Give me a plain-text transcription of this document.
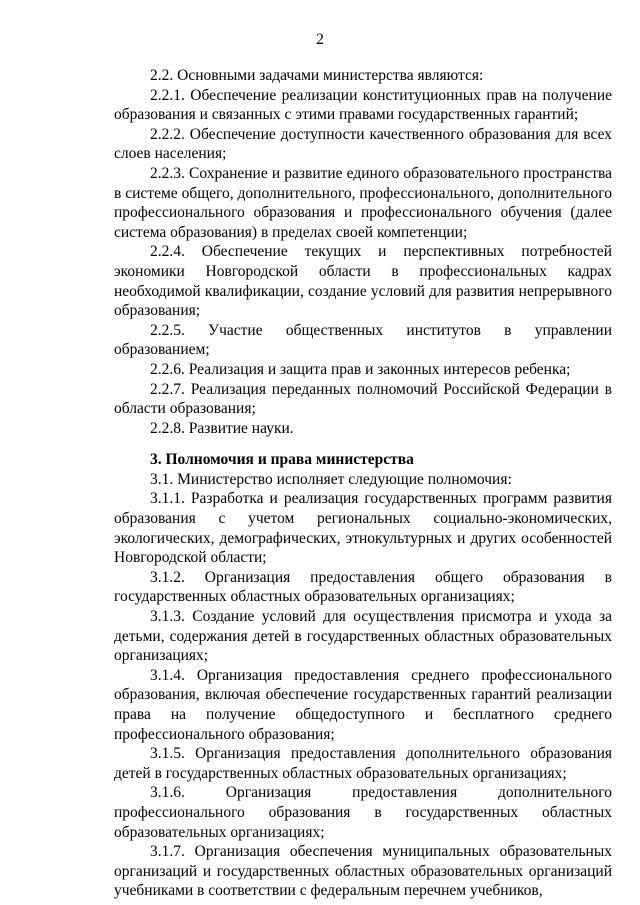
2

2.2. Основными задачами министерства являются:

2.2.1. Обеспечение реализации конституционных прав на получение образования и связанных с этими правами государственных гарантий;

2.2.2. Обеспечение доступности качественного образования для всех слоев населения;

2.2.3. Сохранение и развитие единого образовательного пространства в системе общего, дополнительного, профессионального, дополнительного профессионального образования и профессионального обучения (далее система образования) в пределах своей компетенции;

2.2.4. Обеспечение текущих и перспективных потребностей экономики Новгородской области в профессиональных кадрах необходимой квалификации, создание условий для развития непрерывного образования;

2.2.5. Участие общественных институтов в управлении образованием;

2.2.6. Реализация и защита прав и законных интересов ребенка;

2.2.7. Реализация переданных полномочий Российской Федерации в области образования;

2.2.8. Развитие науки.

3. Полномочия и права министерства

3.1. Министерство исполняет следующие полномочия:

3.1.1. Разработка и реализация государственных программ развития образования с учетом региональных социально-экономических, экологических, демографических, этнокультурных и других особенностей Новгородской области;

3.1.2. Организация предоставления общего образования в государственных областных образовательных организациях;

3.1.3. Создание условий для осуществления присмотра и ухода за детьми, содержания детей в государственных областных образовательных организациях;

3.1.4. Организация предоставления среднего профессионального образования, включая обеспечение государственных гарантий реализации права на получение общедоступного и бесплатного среднего профессионального образования;

3.1.5. Организация предоставления дополнительного образования детей в государственных областных образовательных организациях;

3.1.6. Организация предоставления дополнительного профессионального образования в государственных областных образовательных организациях;

3.1.7. Организация обеспечения муниципальных образовательных организаций и государственных областных образовательных организаций учебниками в соответствии с федеральным перечнем учебников,
